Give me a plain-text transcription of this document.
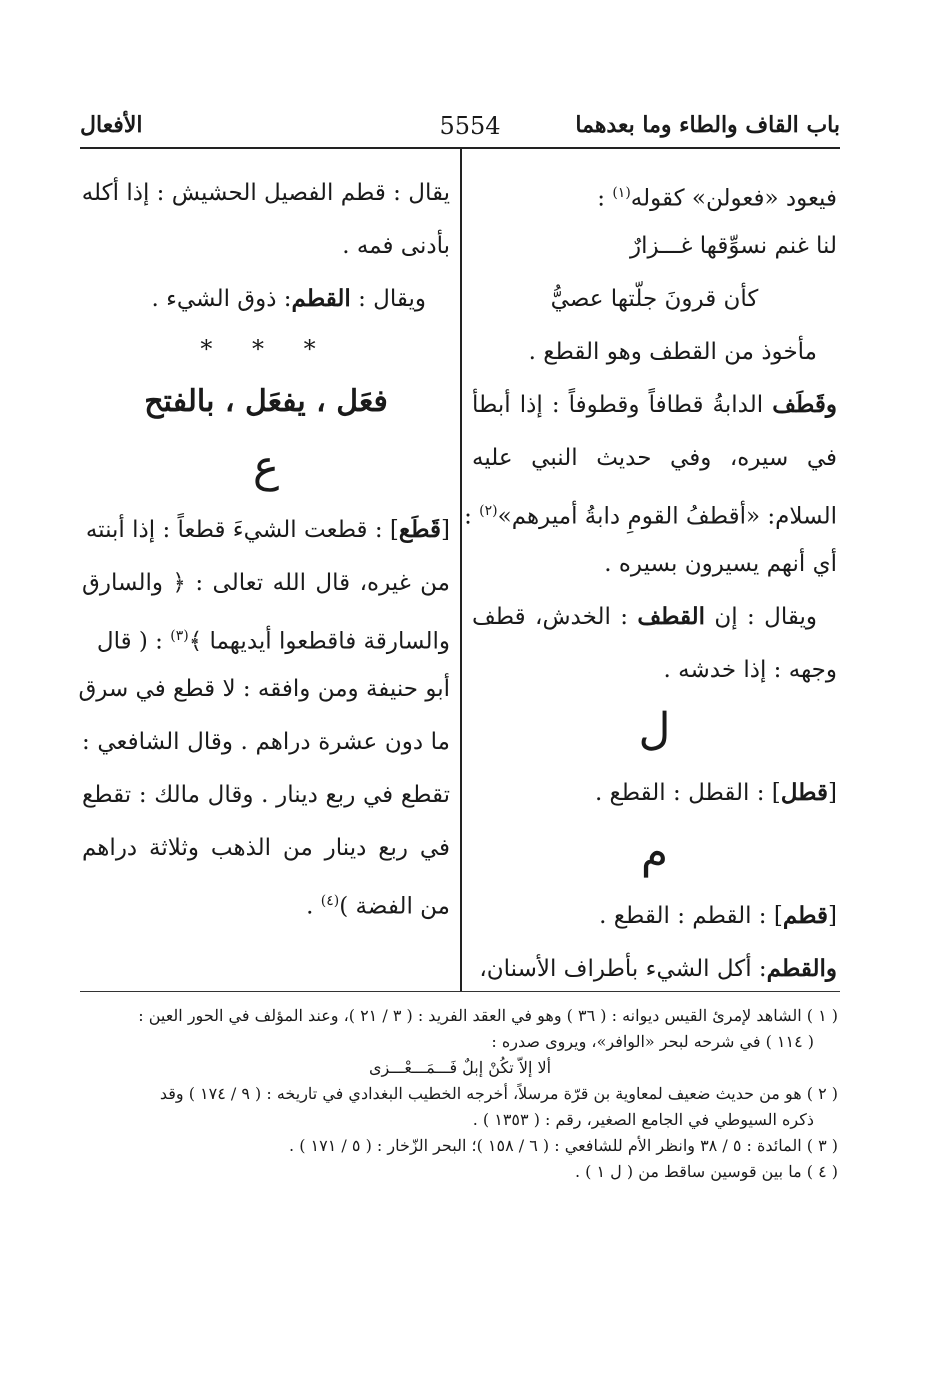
باب القاف والطاء وما بعدهما
5554
الأفعال

فيعود «فعولن» كقوله$^{(١)}$ :

لنا غنم نسوِّقها غـــزارٌ

كأن قرونَ جلّتها عصيُّ

مأخوذ من القطف وهو القطع .

وقَطَف الدابةُ قطافاً وقطوفاً : إذا أبطأ

في سيره، وفي حديث النبي عليه

السلام: «أقطفُ القومِ دابةُ أميرهم»$^{(٢)}$ :

أي أنهم يسيرون بسيره .

ويقال : إن القطف : الخدش، قطف

وجهه : إذا خدشه .

ل

[قطل] : القطل : القطع .

م

[قطم] : القطم : القطع .

والقطم: أكل الشيء بأطراف الأسنان،

يقال : قطم الفصيل الحشيش : إذا أكله

بأدنى فمه .

ويقال : القطم: ذوق الشيء .

* * *

فعَل ، يفعَل ، بالفتح

ع

[قَطَع] : قطعت الشيءَ قطعاً : إذا أبنته

من غيره، قال الله تعالى : ﴿ والسارق

والسارقة فاقطعوا أيديهما ﴾$^{(٣)}$ : ( قال

أبو حنيفة ومن وافقه : لا قطع في سرق

ما دون عشرة دراهم . وقال الشافعي :

تقطع في ربع دينار . وقال مالك : تقطع

في ربع دينار من الذهب وثلاثة دراهم

من الفضة )$^{(٤)}$ .

( ١ ) الشاهد لإمرئ القيس ديوانه : ( ٣٦ ) وهو في العقد الفريد : ( ٣ / ٢١ )، وعند المؤلف في الحور العين :

( ١١٤ ) في شرحه لبحر «الوافر»، ويروى صدره :

ألا إلاّ تكُنْ إبلٌ فَـــمَـــعْـــزى

( ٢ ) هو من حديث ضعيف لمعاوية بن قرّة مرسلاً، أخرجه الخطيب البغدادي في تاريخه : ( ٩ / ١٧٤ ) وقد

ذكره السيوطي في الجامع الصغير، رقم : ( ١٣٥٣ ) .

( ٣ ) المائدة : ٥ / ٣٨ وانظر الأم للشافعي : ( ٦ / ١٥٨ )؛ البحر الزّخار : ( ٥ / ١٧١ ) .

( ٤ ) ما بين قوسين ساقط من ( ل ١ ) .
